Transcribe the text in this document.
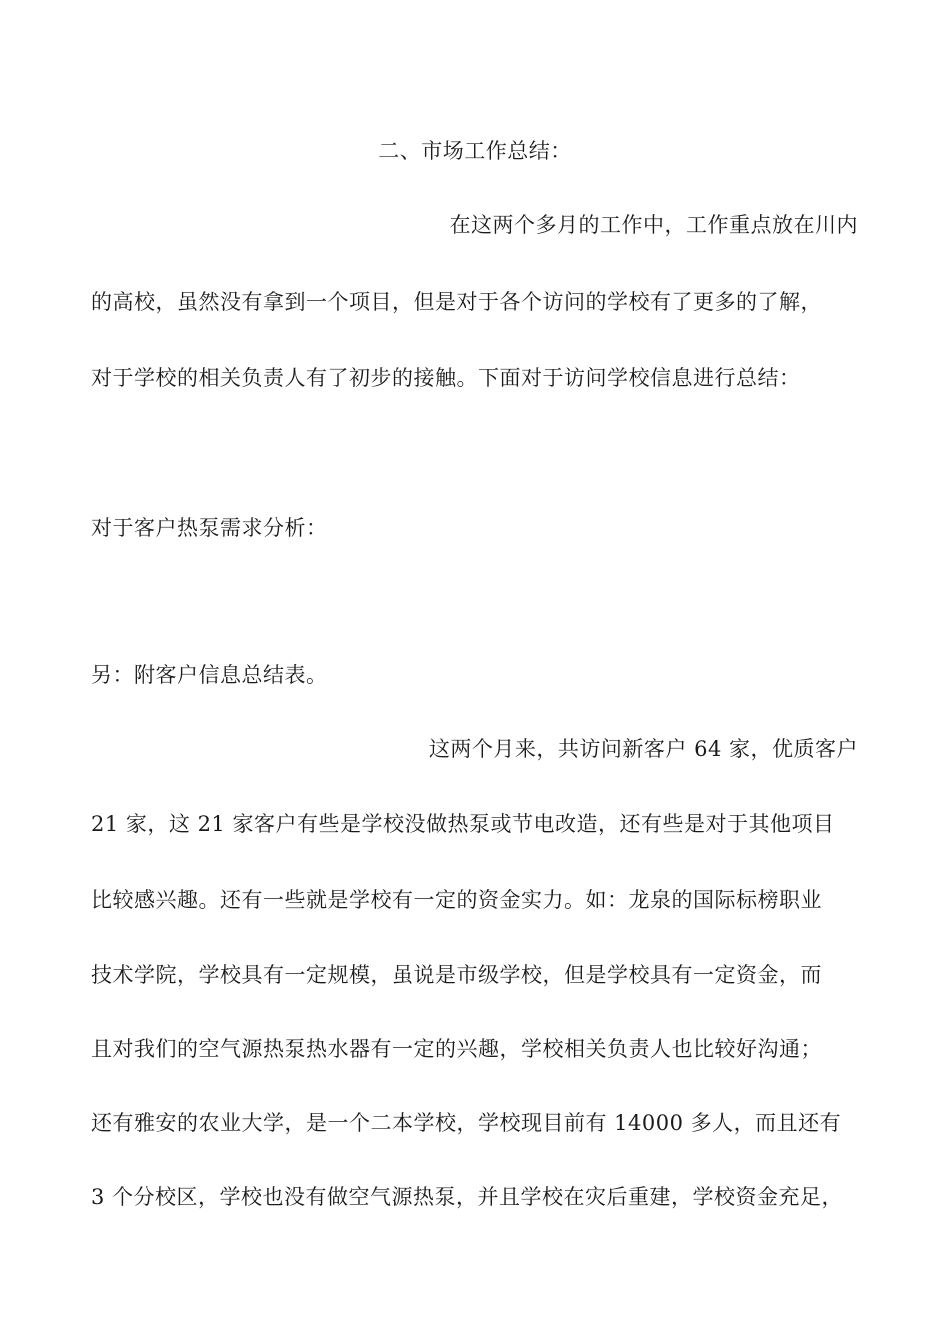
二、市场工作总结：
在这两个多月的工作中，工作重点放在川内
的高校，虽然没有拿到一个项目，但是对于各个访问的学校有了更多的了解，
对于学校的相关负责人有了初步的接触。下面对于访问学校信息进行总结：
对于客户热泵需求分析：
另：附客户信息总结表。
这两个月来，共访问新客户 64 家，优质客户
21 家，这 21 家客户有些是学校没做热泵或节电改造，还有些是对于其他项目
比较感兴趣。还有一些就是学校有一定的资金实力。如：龙泉的国际标榜职业
技术学院，学校具有一定规模，虽说是市级学校，但是学校具有一定资金，而
且对我们的空气源热泵热水器有一定的兴趣，学校相关负责人也比较好沟通；
还有雅安的农业大学，是一个二本学校，学校现目前有 14000 多人，而且还有
3 个分校区，学校也没有做空气源热泵，并且学校在灾后重建，学校资金充足，
